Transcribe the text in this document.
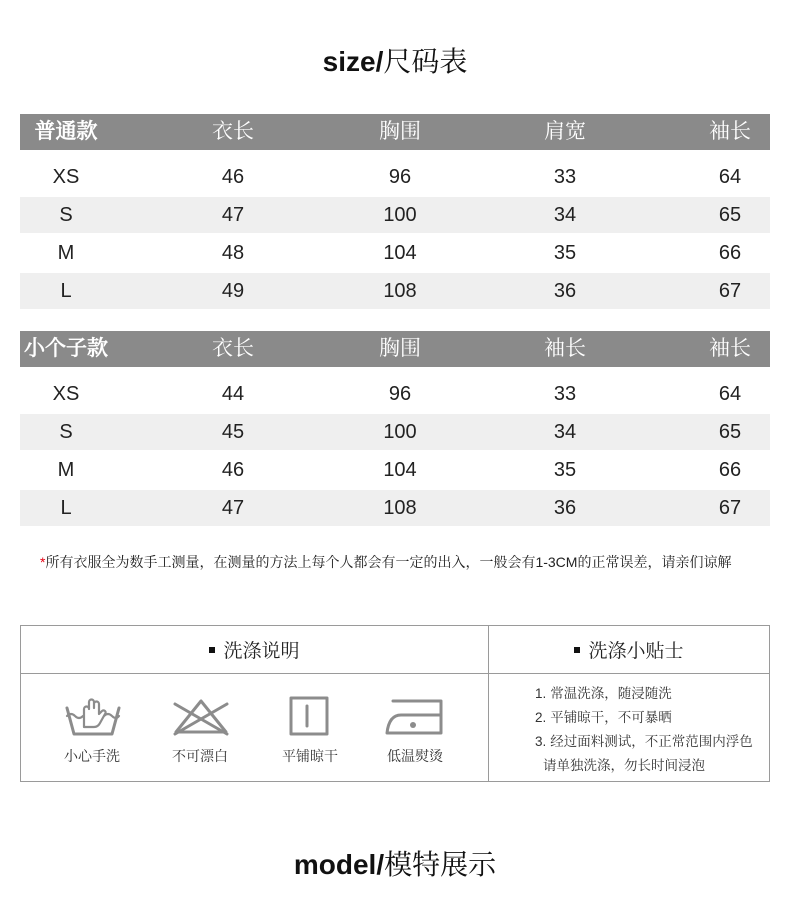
size/尺码表
普通款	衣长	胸围	肩宽	袖长
XS	46	96	33	64
S	47	100	34	65
M	48	104	35	66
L	49	108	36	67
小个子款	衣长	胸围	袖长	袖长
XS	44	96	33	64
S	45	100	34	65
M	46	104	35	66
L	47	108	36	67
*所有衣服全为数手工测量，在测量的方法上每个人都会有一定的出入，一般会有1-3CM的正常误差，请亲们谅解
洗涤说明	洗涤小贴士
小心手洗	不可漂白	平铺晾干	低温熨烫
1. 常温洗涤，随浸随洗
2. 平铺晾干，不可暴晒
3. 经过面料测试，不正常范围内浮色
请单独洗涤，勿长时间浸泡
model/模特展示
